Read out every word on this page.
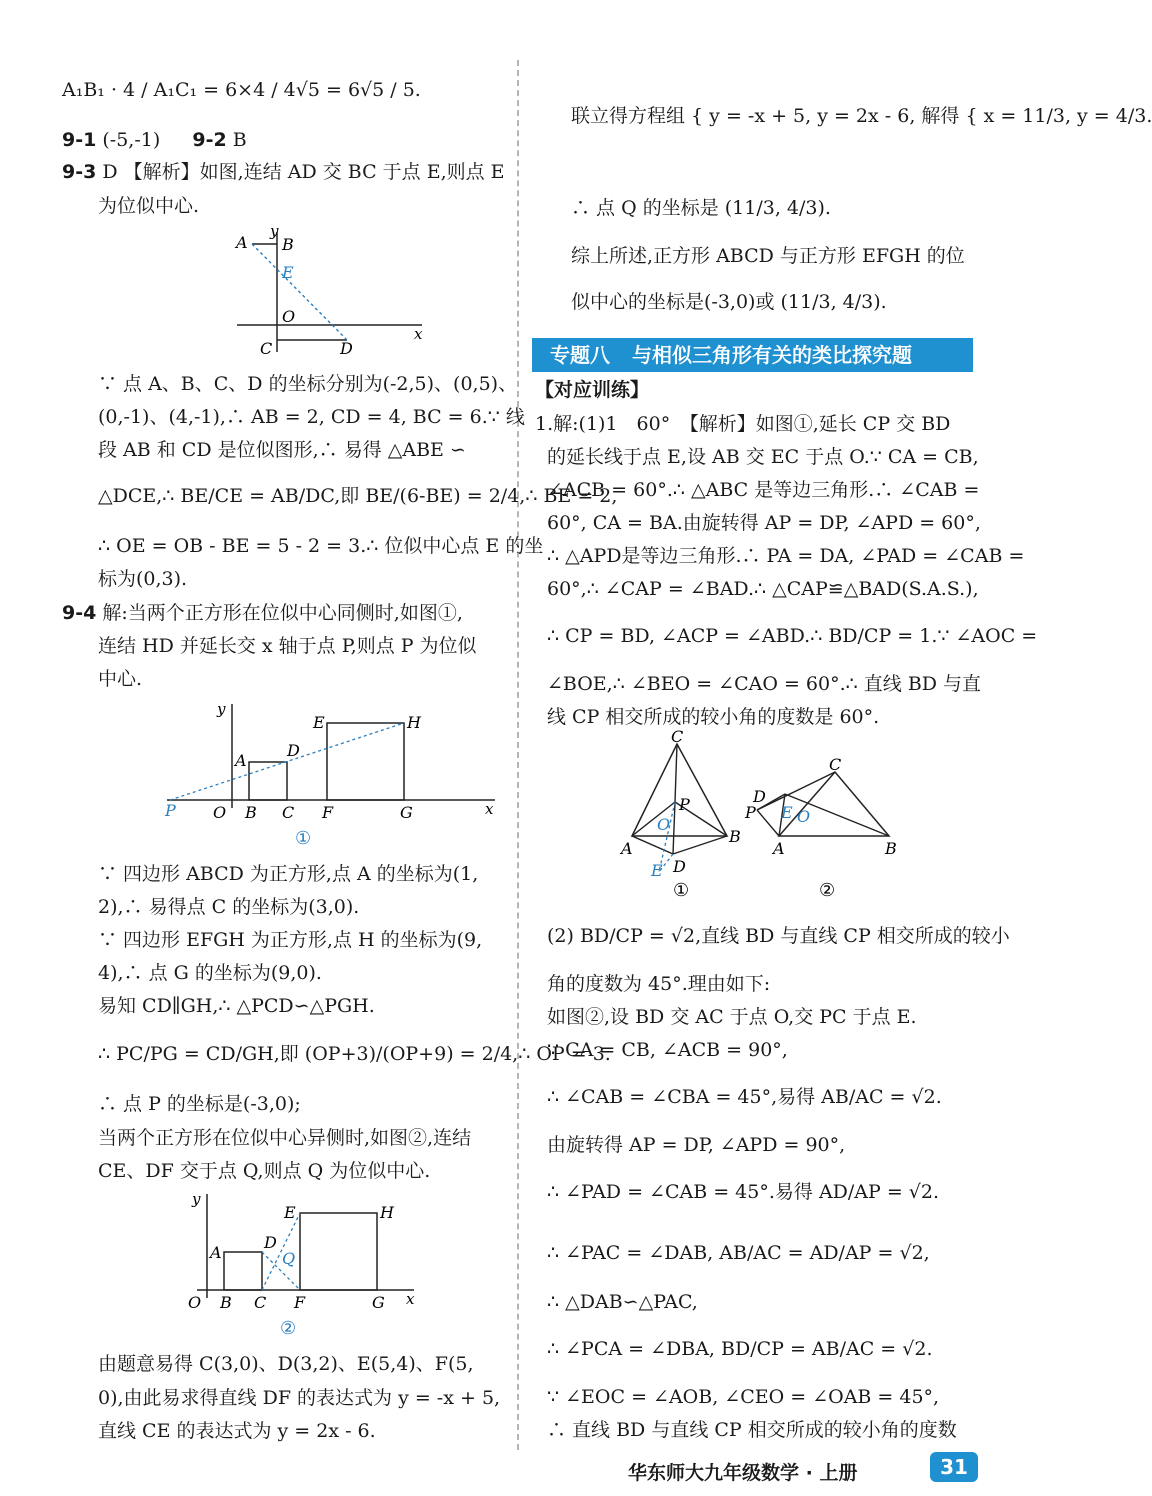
A₁B₁ · 4 / A₁C₁ = 6×4 / 4√5 = 6√5 / 5.
9-1 (-5,-1) 9-2 B
9-3 D 【解析】如图,连结 AD 交 BC 于点 E,则点 E
为位似中心.
A
y
B
E
O
x
C	D
∵ 点 A、B、C、D 的坐标分别为(-2,5)、(0,5)、
(0,-1)、(4,-1),∴ AB = 2, CD = 4, BC = 6.∵ 线
段 AB 和 CD 是位似图形,∴ 易得 △ABE ∽
△DCE,∴ BE/CE = AB/DC,即 BE/(6-BE) = 2/4,∴ BE = 2,
∴ OE = OB - BE = 5 - 2 = 3.∴ 位似中心点 E 的坐
标为(0,3).
9-4 解:当两个正方形在位似中心同侧时,如图①,
连结 HD 并延长交 x 轴于点 P,则点 P 为位似
中心.
y
P O B C F	G	x
A
D
E	H
①
∵ 四边形 ABCD 为正方形,点 A 的坐标为(1,
2),∴ 易得点 C 的坐标为(3,0).
∵ 四边形 EFGH 为正方形,点 H 的坐标为(9,
4),∴ 点 G 的坐标为(9,0).
易知 CD∥GH,∴ △PCD∽△PGH.
∴ PC/PG = CD/GH,即 (OP+3)/(OP+9) = 2/4,∴ OP = 3.
∴ 点 P 的坐标是(-3,0);
当两个正方形在位似中心异侧时,如图②,连结
CE、DF 交于点 Q,则点 Q 为位似中心.
y
O B C F	G x
A
D
E	H
Q
②
由题意易得 C(3,0)、D(3,2)、E(5,4)、F(5,
0),由此易求得直线 DF 的表达式为 y = -x + 5,
直线 CE 的表达式为 y = 2x - 6.
联立得方程组 { y = -x + 5, y = 2x - 6, 解得 { x = 11/3, y = 4/3.
∴ 点 Q 的坐标是 (11/3, 4/3).
综上所述,正方形 ABCD 与正方形 EFGH 的位
似中心的坐标是(-3,0)或 (11/3, 4/3).
专题八 与相似三角形有关的类比探究题
【对应训练】
1.解:(1)1　60°　【解析】如图①,延长 CP 交 BD
的延长线于点 E,设 AB 交 EC 于点 O.∵ CA = CB,
∠ACB = 60°.∴ △ABC 是等边三角形.∴ ∠CAB =
60°, CA = BA.由旋转得 AP = DP, ∠APD = 60°,
∴ △APD是等边三角形.∴ PA = DA, ∠PAD = ∠CAB =
60°,∴ ∠CAP = ∠BAD.∴ △CAP≌△BAD(S.A.S.),
∴ CP = BD, ∠ACP = ∠ABD.∴ BD/CP = 1.∵ ∠AOC =
∠BOE,∴ ∠BEO = ∠CAO = 60°.∴ 直线 BD 与直
线 CP 相交所成的较小角的度数是 60°.
C
P
O
A
B
D
E
①
D
C
P E O
A	B
②
(2) BD/CP = √2,直线 BD 与直线 CP 相交所成的较小
角的度数为 45°.理由如下:
如图②,设 BD 交 AC 于点 O,交 PC 于点 E.
∵ CA = CB, ∠ACB = 90°,
∴ ∠CAB = ∠CBA = 45°,易得 AB/AC = √2.
由旋转得 AP = DP, ∠APD = 90°,
∴ ∠PAD = ∠CAB = 45°.易得 AD/AP = √2.
∴ ∠PAC = ∠DAB, AB/AC = AD/AP = √2,
∴ △DAB∽△PAC,
∴ ∠PCA = ∠DBA, BD/CP = AB/AC = √2.
∵ ∠EOC = ∠AOB, ∠CEO = ∠OAB = 45°,
∴ 直线 BD 与直线 CP 相交所成的较小角的度数
华东师大九年级数学 · 上册	31
